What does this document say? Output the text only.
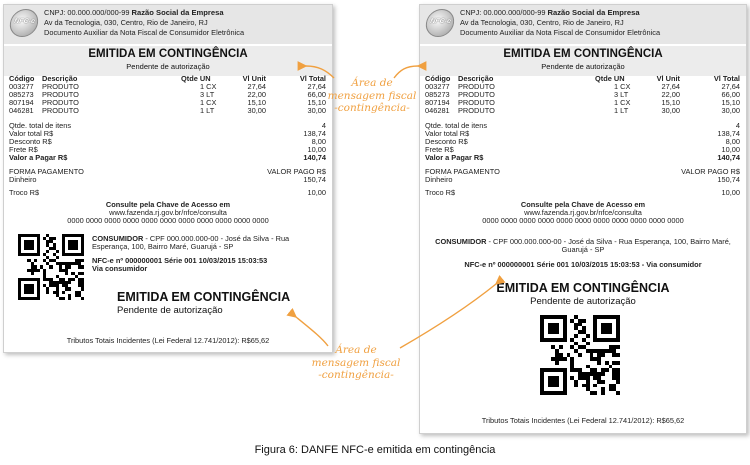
NFC-e
CNPJ: 00.000.000/000-99 Razão Social da Empresa
Av da Tecnologia, 030, Centro, Rio de Janeiro, RJ
Documento Auxiliar da Nota Fiscal de Consumidor Eletrônica
EMITIDA EM CONTINGÊNCIA
Pendente de autorização
Código Descrição	Qtde UN	Vl Unit	Vl Total
003277 PRODUTO	1 CX	27,64	27,64
085273 PRODUTO	3 LT	22,00	66,00
807194 PRODUTO	1 CX	15,10	15,10
046281 PRODUTO	1 LT	30,00	30,00
Qtde. total de itens	4
Valor total R$	138,74
Desconto R$	8,00
Frete R$	10,00
Valor a Pagar R$	140,74
FORMA PAGAMENTO	VALOR PAGO R$
Dinheiro	150,74
Troco R$	10,00
Consulte pela Chave de Acesso em
www.fazenda.rj.gov.br/nfce/consulta
0000 0000 0000 0000 0000 0000 0000 0000 0000 0000 0000
CONSUMIDOR - CPF 000.000.000-00 - José da Silva - Rua
Esperança, 100, Bairro Maré, Guarujá - SP
NFC-e nº 000000001 Série 001 10/03/2015 15:03:53
Via consumidor
EMITIDA EM CONTINGÊNCIA
Pendente de autorização
Tributos Totais Incidentes (Lei Federal 12.741/2012): R$65,62
NFC-e
CNPJ: 00.000.000/000-99 Razão Social da Empresa
Av da Tecnologia, 030, Centro, Rio de Janeiro, RJ
Documento Auxiliar da Nota Fiscal de Consumidor Eletrônica
EMITIDA EM CONTINGÊNCIA
Pendente de autorização
Código Descrição	Qtde UN	Vl Unit	Vl Total
003277 PRODUTO	1 CX	27,64	27,64
085273 PRODUTO	3 LT	22,00	66,00
807194 PRODUTO	1 CX	15,10	15,10
046281 PRODUTO	1 LT	30,00	30,00
Qtde. total de itens	4
Valor total R$	138,74
Desconto R$	8,00
Frete R$	10,00
Valor a Pagar R$	140,74
FORMA PAGAMENTO	VALOR PAGO R$
Dinheiro	150,74
Troco R$	10,00
Consulte pela Chave de Acesso em
www.fazenda.rj.gov.br/nfce/consulta
0000 0000 0000 0000 0000 0000 0000 0000 0000 0000 0000
CONSUMIDOR - CPF 000.000.000-00 - José da Silva - Rua Esperança, 100, Bairro Maré,
Guarujá - SP
NFC-e nº 000000001 Série 001 10/03/2015 15:03:53 - Via consumidor
EMITIDA EM CONTINGÊNCIA
Pendente de autorização
Tributos Totais Incidentes (Lei Federal 12.741/2012): R$65,62
Área de
mensagem fiscal
-contingência-
Área de
mensagem fiscal
-contingência-
Figura 6: DANFE NFC-e emitida em contingência
